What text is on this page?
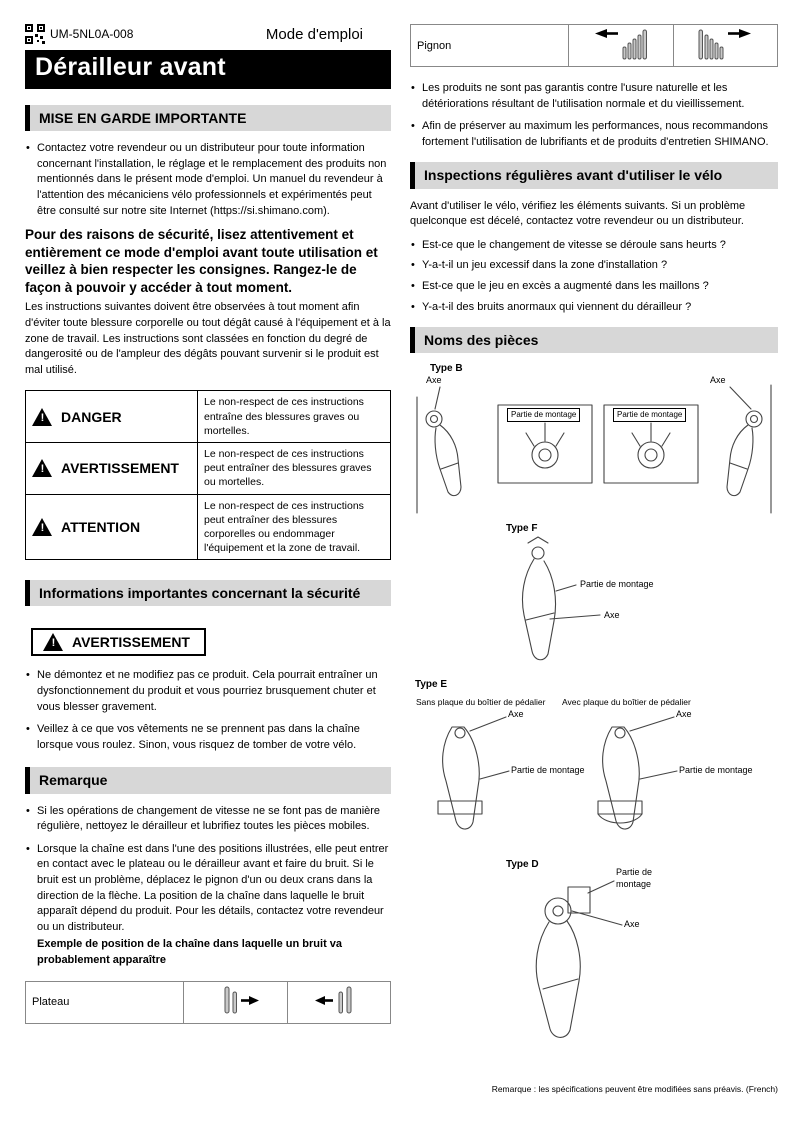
UM-5NL0A-008	Mode d'emploi
Dérailleur avant
MISE EN GARDE IMPORTANTE
• Contactez votre revendeur ou un distributeur pour toute information concernant l'installation, le réglage et le remplacement des produits non mentionnés dans le présent mode d'emploi. Un manuel du revendeur à l'attention des mécaniciens vélo professionnels et expérimentés peut être consulté sur notre site Internet (https://si.shimano.com).

Pour des raisons de sécurité, lisez attentivement et entièrement ce mode d'emploi avant toute utilisation et veillez à bien respecter les consignes. Rangez-le de façon à pouvoir y accéder à tout moment.

Les instructions suivantes doivent être observées à tout moment afin d'éviter toute blessure corporelle ou tout dégât causé à l'équipement et à la zone de travail. Les instructions sont classées en fonction du degré de dangerosité ou de l'ampleur des dégâts pouvant survenir si le produit est mal utilisé.

!
DANGER	Le non-respect de ces instructions entraîne des blessures graves ou mortelles.

!
AVERTISSEMENT	Le non-respect de ces instructions peut entraîner des blessures graves ou mortelles.

!
ATTENTION	Le non-respect de ces instructions peut entraîner des blessures corporelles ou endommager l'équipement et la zone de travail.
Informations importantes concernant la sécurité
!
AVERTISSEMENT
• Ne démontez et ne modifiez pas ce produit. Cela pourrait entraîner un dysfonctionnement du produit et vous pourriez brusquement chuter et vous blesser gravement.
• Veillez à ce que vos vêtements ne se prennent pas dans la chaîne lorsque vous roulez. Sinon, vous risquez de tomber de votre vélo.
Remarque
• Si les opérations de changement de vitesse ne se font pas de manière régulière, nettoyez le dérailleur et lubrifiez toutes les pièces mobiles.
• Lorsque la chaîne est dans l'une des positions illustrées, elle peut entrer en contact avec le plateau ou le dérailleur avant et faire du bruit. Si le bruit est un problème, déplacez le pignon d'un ou deux crans dans la direction de la flèche. La position de la chaîne dans laquelle le bruit apparaît dépend du produit. Pour les détails, contactez votre revendeur ou un distributeur.

Exemple de position de la chaîne dans laquelle un bruit va probablement apparaître

Plateau		
Pignon		
• Les produits ne sont pas garantis contre l'usure naturelle et les détériorations résultant de l'utilisation normale et du vieillissement.
• Afin de préserver au maximum les performances, nous recommandons fortement l'utilisation de lubrifiants et de produits d'entretien SHIMANO.
Inspections régulières avant d'utiliser le vélo

Avant d'utiliser le vélo, vérifiez les éléments suivants. Si un problème quelconque est décelé, contactez votre revendeur ou un distributeur.

• Est-ce que le changement de vitesse se déroule sans heurts ?
• Y-a-t-il un jeu excessif dans la zone d'installation ?
• Est-ce que le jeu en excès a augmenté dans les maillons ?
• Y-a-t-il des bruits anormaux qui viennent du dérailleur ?
Noms des pièces
Type B
Axe
Partie de montage	Partie de montage
Axe
Type F
Partie de montage
Axe
Type E
Sans plaque du boîtier de pédalier Avec plaque du boîtier de pédalier
Axe
Partie de montage
Axe
Partie de montage
Type D
Partie de montage
Axe
Remarque : les spécifications peuvent être modifiées sans préavis. (French)
